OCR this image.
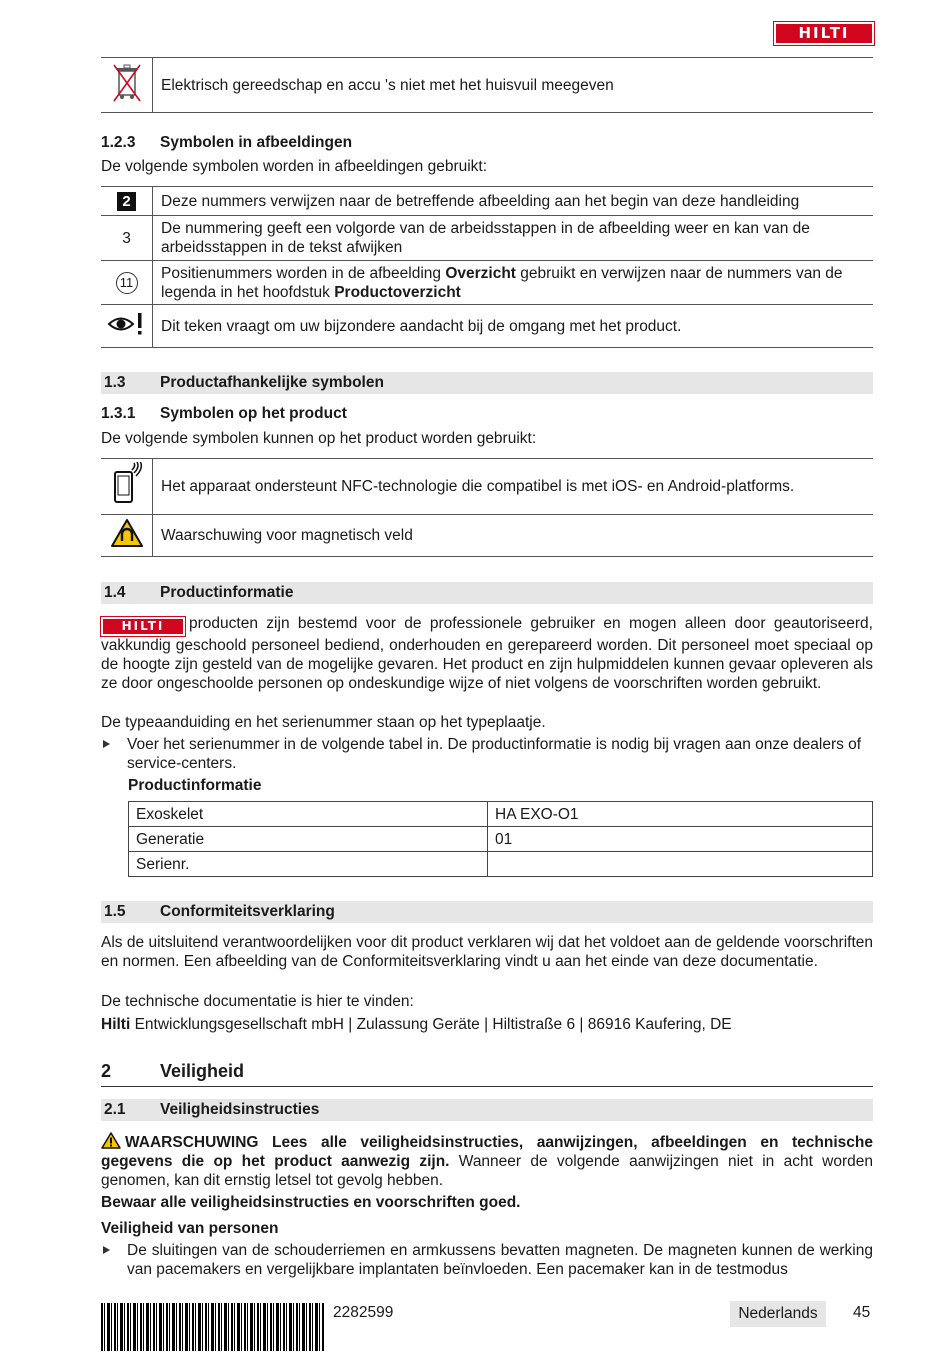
HILTI
	Elektrisch gereedschap en accu 's niet met het huisvuil meegeven
1.2.3 Symbolen in afbeeldingen
De volgende symbolen worden in afbeeldingen gebruikt:
2	Deze nummers verwijzen naar de betreffende afbeelding aan het begin van deze handleiding
3	De nummering geeft een volgorde van de arbeidsstappen in de afbeelding weer en kan van de arbeidsstappen in de tekst afwijken
11	Positienummers worden in de afbeelding Overzicht gebruikt en verwijzen naar de nummers van de legenda in het hoofdstuk Productoverzicht
	Dit teken vraagt om uw bijzondere aandacht bij de omgang met het product.
1.3 Productafhankelijke symbolen
1.3.1 Symbolen op het product
De volgende symbolen kunnen op het product worden gebruikt:
	Het apparaat ondersteunt NFC-technologie die compatibel is met iOS- en Android-platforms.
	Waarschuwing voor magnetisch veld
1.4 Productinformatie
HILTI producten zijn bestemd voor de professionele gebruiker en mogen alleen door geautoriseerd, vakkundig geschoold personeel bediend, onderhouden en gerepareerd worden. Dit personeel moet speciaal op de hoogte zijn gesteld van de mogelijke gevaren. Het product en zijn hulpmiddelen kunnen gevaar opleveren als ze door ongeschoolde personen op ondeskundige wijze of niet volgens de voorschriften worden gebruikt.
De typeaanduiding en het serienummer staan op het typeplaatje.
Voer het serienummer in de volgende tabel in. De productinformatie is nodig bij vragen aan onze dealers of service-centers.
Productinformatie
Exoskelet	HA EXO-O1
Generatie	01
Serienr.	
1.5 Conformiteitsverklaring
Als de uitsluitend verantwoordelijken voor dit product verklaren wij dat het voldoet aan de geldende voorschriften en normen. Een afbeelding van de Conformiteitsverklaring vindt u aan het einde van deze documentatie.
De technische documentatie is hier te vinden:
Hilti Entwicklungsgesellschaft mbH | Zulassung Geräte | Hiltistraße 6 | 86916 Kaufering, DE
2	Veiligheid
2.1 Veiligheidsinstructies
WAARSCHUWING Lees alle veiligheidsinstructies, aanwijzingen, afbeeldingen en technische gegevens die op het product aanwezig zijn. Wanneer de volgende aanwijzingen niet in acht worden genomen, kan dit ernstig letsel tot gevolg hebben.
Bewaar alle veiligheidsinstructies en voorschriften goed.
Veiligheid van personen
De sluitingen van de schouderriemen en armkussens bevatten magneten. De magneten kunnen de werking van pacemakers en vergelijkbare implantaten beïnvloeden. Een pacemaker kan in de testmodus
2282599	Nederlands	45
